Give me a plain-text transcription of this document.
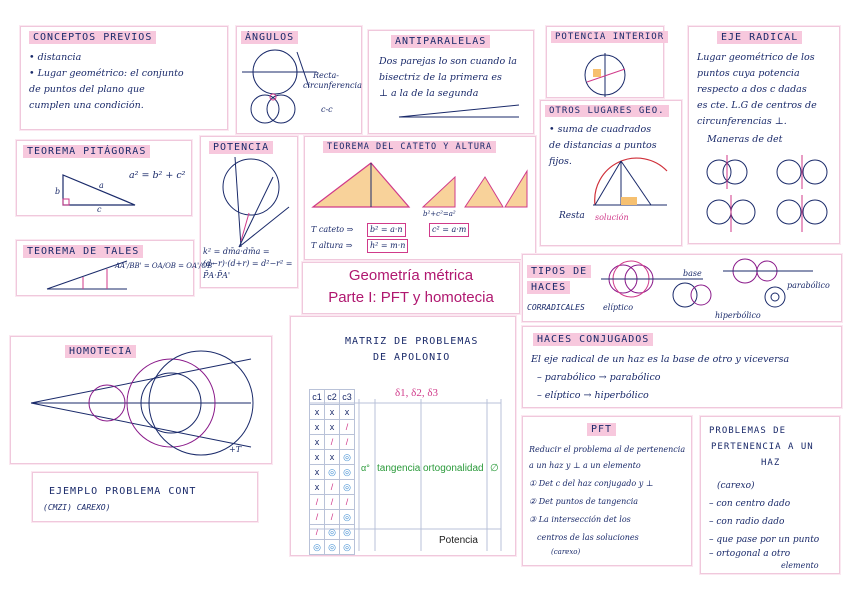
CONCEPTOS PREVIOS
• distancia
• Lugar geométrico: el conjunto
de puntos del plano que
cumplen una condición.
ÁNGULOS
Recta-
circunferencia
c-c
ANTIPARALELAS
Dos parejas lo son cuando la
bisectriz de la primera es
⊥ a la de la segunda
POTENCIA INTERIOR	EJE RADICAL
Lugar geométrico de los
puntos cuya potencia
respecto a dos c dadas
es cte. L.G de centros de
circunferencias ⊥.
Maneras de det
OTROS LUGARES GEO.
• suma de cuadrados
de distancias a puntos
fijos.
Resta solución
TEOREMA PITÁGORAS
a² = b² + c²
a
b
c
POTENCIA
k² = dm̄a·dm̄a =
(d−r)·(d+r) = d²−r² =
P̄A·P̄A'
TEOREMA DEL CATETO Y ALTURA
b²+c²=a²
T cateto ⇒	b² = a·n	c² = a·m
T altura ⇒	h² = m·n
TEOREMA DE TALES
AA'/BB' = OA/OB = OA'/OB'
Geometría métrica
Parte I: PFT y homotecia
TIPOS DE
HACES
CORRADICALES elíptico
base
parabólico
hiperbólico
HOMOTECIA
+T
MATRIZ DE PROBLEMAS
DE APOLONIO
δ1, δ2, δ3
c1	c2	c3
x	x	x
x	x	/
x	/	/
x	x	◎
x	◎	◎
x	/	◎
/	/	/
/	/	◎
/	◎	◎
◎	◎	◎
α° tangencia ortogonalidad ∅
Potencia
HACES CONJUGADOS
El eje radical de un haz es la base de otro y viceversa
– parabólico → parabólico
– elíptico → hiperbólico
EJEMPLO PROBLEMA CONT
(CMZI) CAREXO)
PFT
Reducir el problema al de pertenencia
a un haz y ⊥ a un elemento
① Det c del haz conjugado y ⊥
② Det puntos de tangencia
③ La intersección det los
centros de las soluciones
(carexo)
PROBLEMAS DE
PERTENENCIA A UN
HAZ
(carexo)
– con centro dado
– con radio dado
– que pase por un punto
– ortogonal a otro
elemento
